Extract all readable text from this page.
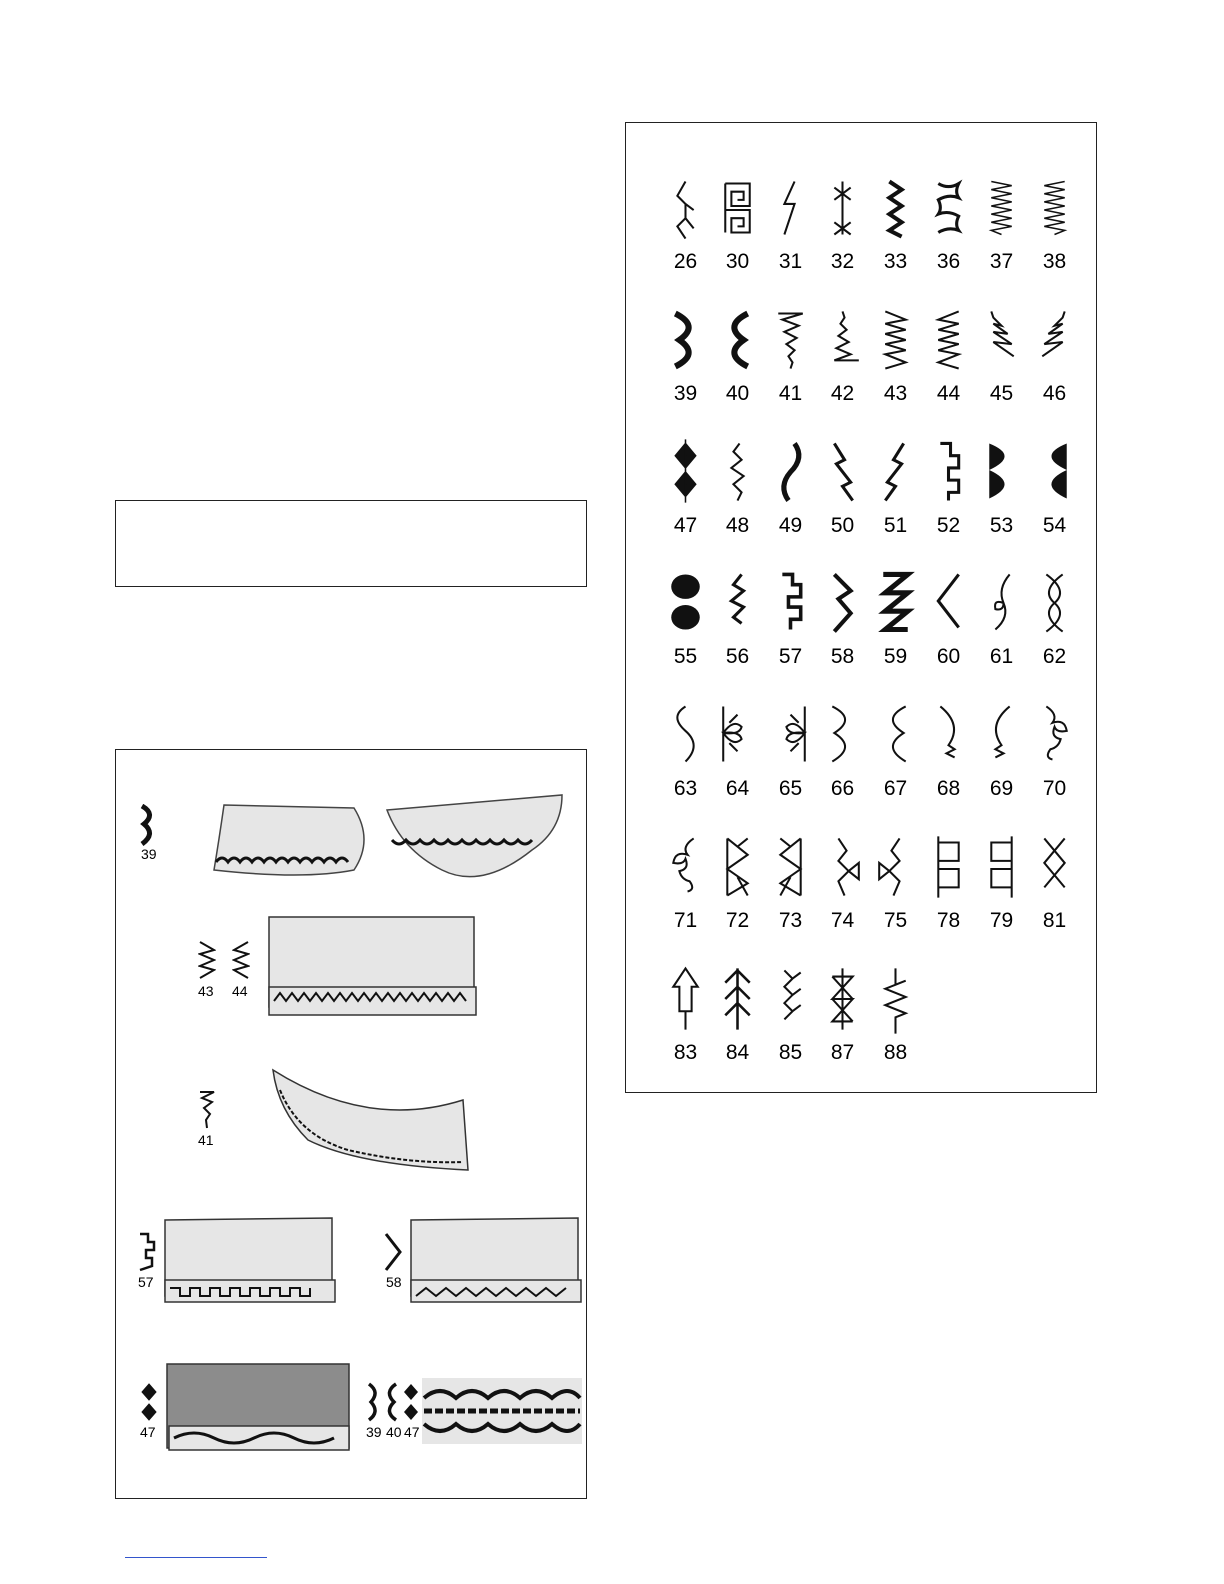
26	30	31	32	33	36	37	38
39	40	41	42	43	44	45	46
47	48	49	50	51	52	53	54
55	56	57	58	59	60	61	62
63	64	65	66	67	68	69	70
71	72	73	74	75	78	79	81
83	84	85	87	88
39
43 44
41
57	58
47	39 40 47
